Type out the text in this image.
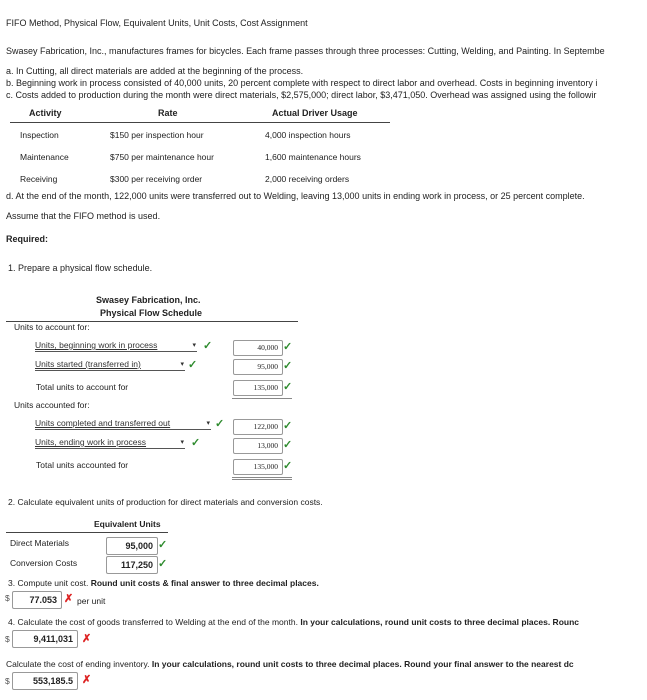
FIFO Method, Physical Flow, Equivalent Units, Unit Costs, Cost Assignment
Swasey Fabrication, Inc., manufactures frames for bicycles. Each frame passes through three processes: Cutting, Welding, and Painting. In Septembe
a. In Cutting, all direct materials are added at the beginning of the process.
b. Beginning work in process consisted of 40,000 units, 20 percent complete with respect to direct labor and overhead. Costs in beginning inventory i
c. Costs added to production during the month were direct materials, $2,575,000; direct labor, $3,471,050. Overhead was assigned using the followir
Activity	Rate	Actual Driver Usage
Inspection	$150 per inspection hour	4,000 inspection hours
Maintenance	$750 per maintenance hour	1,600 maintenance hours
Receiving	$300 per receiving order	2,000 receiving orders
d. At the end of the month, 122,000 units were transferred out to Welding, leaving 13,000 units in ending work in process, or 25 percent complete.
Assume that the FIFO method is used.
Required:
1. Prepare a physical flow schedule.
Swasey Fabrication, Inc.
Physical Flow Schedule
Units to account for:
Units, beginning work in process	▾ ✓	40,000 ✓
Units started (transferred in)	▾ ✓	95,000 ✓
Total units to account for	135,000 ✓
Units accounted for:
Units completed and transferred out	▾ ✓	122,000 ✓
Units, ending work in process	▾ ✓	13,000 ✓
Total units accounted for	135,000 ✓
2. Calculate equivalent units of production for direct materials and conversion costs.
Equivalent Units
Direct Materials	95,000 ✓
Conversion Costs	117,250 ✓
3. Compute unit cost. Round unit costs & final answer to three decimal places.
$	77.053 ✗ per unit
4. Calculate the cost of goods transferred to Welding at the end of the month. In your calculations, round unit costs to three decimal places. Rounc
$	9,411,031 ✗
Calculate the cost of ending inventory. In your calculations, round unit costs to three decimal places. Round your final answer to the nearest dc
$	553,185.5 ✗
